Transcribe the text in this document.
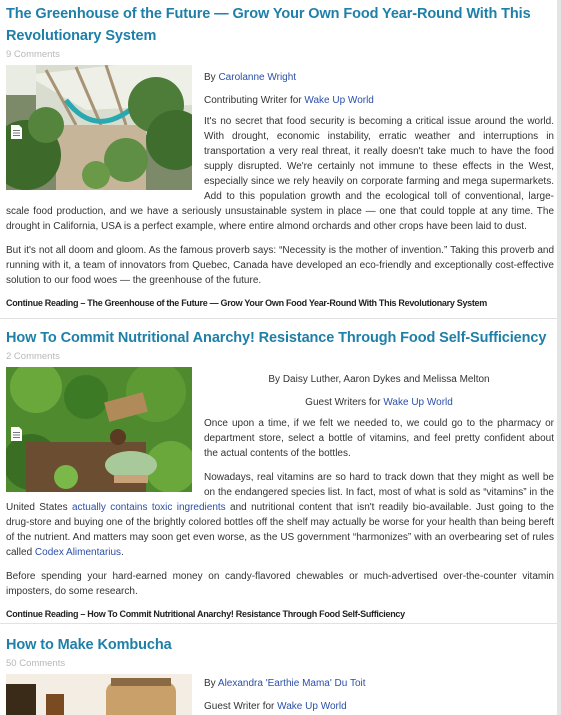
The Greenhouse of the Future — Grow Your Own Food Year-Round With This Revolutionary System
9 Comments

By Carolanne Wright

Contributing Writer for Wake Up World

It's no secret that food security is becoming a critical issue around the world. With drought, economic instability, erratic weather and interruptions in transportation a very real threat, it really doesn't take much to have the food supply disrupted. We're certainly not immune to these effects in the West, especially since we rely heavily on corporate farming and mega supermarkets. Add to this population growth and the ecological toll of conventional, large-scale food production, and we have a seriously unsustainable system in place — one that could topple at any time. The drought in California, USA is a perfect example, where entire almond orchards and other crops have been laid to dust.

But it's not all doom and gloom. As the famous proverb says: “Necessity is the mother of invention.” Taking this proverb and running with it, a team of innovators from Quebec, Canada have developed an eco-friendly and exceptionally cost-effective solution to our food woes — the greenhouse of the future.

Continue Reading – The Greenhouse of the Future — Grow Your Own Food Year-Round With This Revolutionary System
How To Commit Nutritional Anarchy! Resistance Through Food Self-Sufficiency
2 Comments

By Daisy Luther, Aaron Dykes and Melissa Melton

Guest Writers for Wake Up World

Once upon a time, if we felt we needed to, we could go to the pharmacy or department store, select a bottle of vitamins, and feel pretty confident about the actual contents of the bottles.

Nowadays, real vitamins are so hard to track down that they might as well be on the endangered species list. In fact, most of what is sold as “vitamins” in the United States actually contains toxic ingredients and nutritional content that isn't readily bio-available. Just going to the drug-store and buying one of the brightly colored bottles off the shelf may actually be worse for your health than being bereft of the nutrient. And matters may soon get even worse, as the US government “harmonizes” with an overbearing set of rules called Codex Alimentarius.

Before spending your hard-earned money on candy-flavored chewables or much-advertised over-the-counter vitamin imposters, do some research.

Continue Reading – How To Commit Nutritional Anarchy! Resistance Through Food Self-Sufficiency
How to Make Kombucha
50 Comments

By Alexandra 'Earthie Mama' Du Toit

Guest Writer for Wake Up World
